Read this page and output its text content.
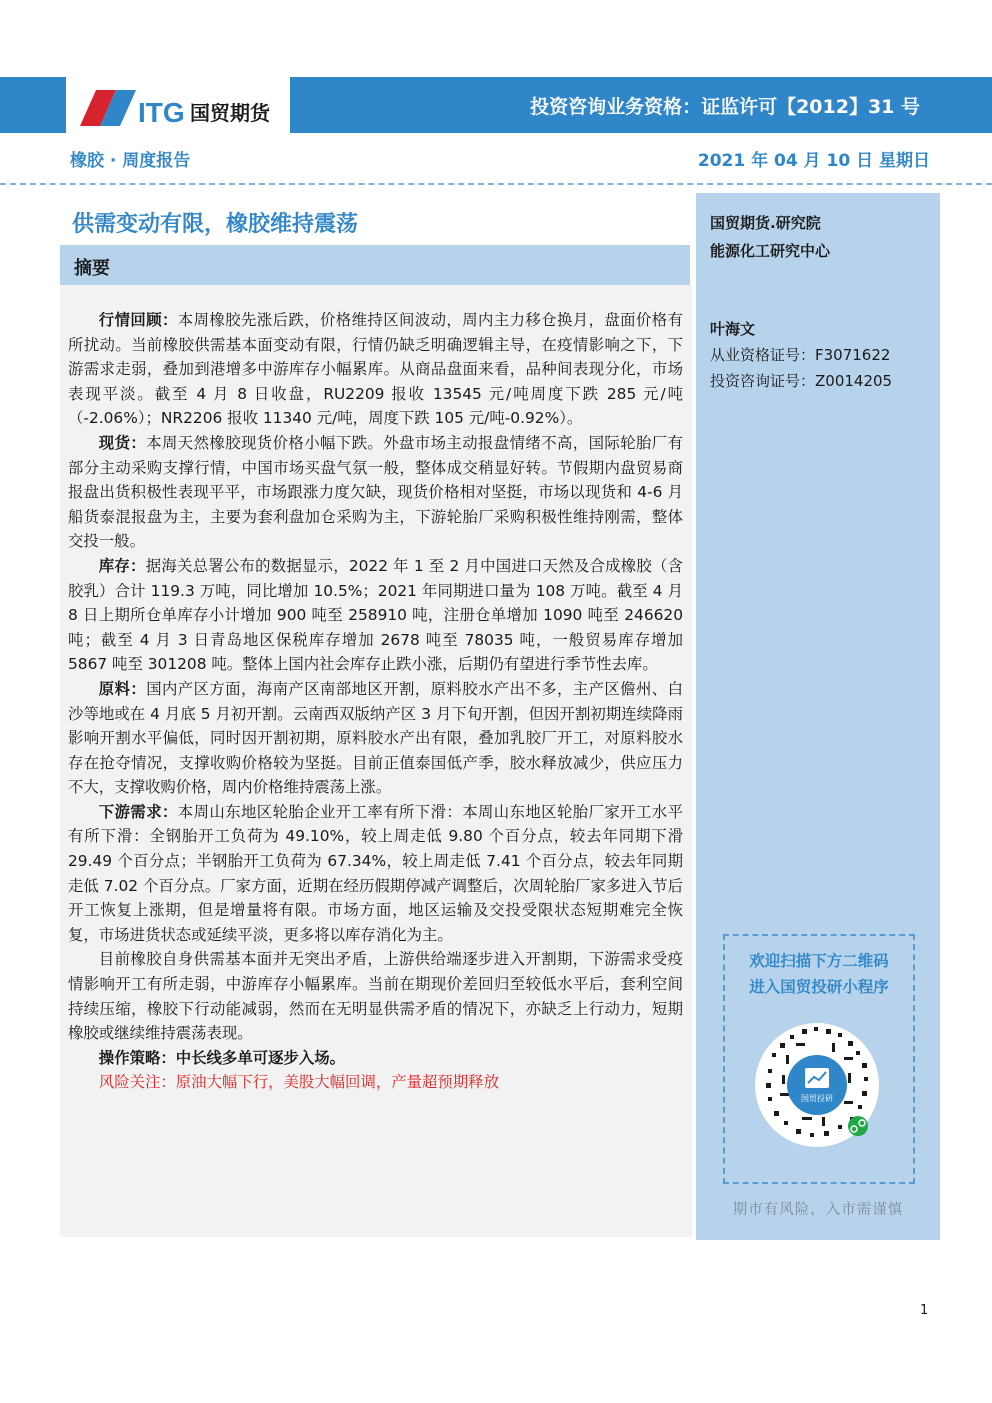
ITG 国贸期货	投资咨询业务资格：证监许可【2012】31 号
橡胶 · 周度报告	2021 年 04 月 10 日 星期日
供需变动有限，橡胶维持震荡
摘要

行情回顾：本周橡胶先涨后跌，价格维持区间波动，周内主力移仓换月，盘面价格有所扰动。当前橡胶供需基本面变动有限，行情仍缺乏明确逻辑主导，在疫情影响之下，下游需求走弱，叠加到港增多中游库存小幅累库。从商品盘面来看，品种间表现分化，市场表现平淡。截至 4 月 8 日收盘，RU2209 报收 13545 元/吨周度下跌 285 元/吨（-2.06%）；NR2206 报收 11340 元/吨，周度下跌 105 元/吨-0.92%）。

现货：本周天然橡胶现货价格小幅下跌。外盘市场主动报盘情绪不高，国际轮胎厂有部分主动采购支撑行情，中国市场买盘气氛一般，整体成交稍显好转。节假期内盘贸易商报盘出货积极性表现平平，市场跟涨力度欠缺，现货价格相对坚挺，市场以现货和 4-6 月船货泰混报盘为主，主要为套利盘加仓采购为主，下游轮胎厂采购积极性维持刚需，整体交投一般。

库存：据海关总署公布的数据显示，2022 年 1 至 2 月中国进口天然及合成橡胶（含胶乳）合计 119.3 万吨，同比增加 10.5%；2021 年同期进口量为 108 万吨。截至 4 月 8 日上期所仓单库存小计增加 900 吨至 258910 吨，注册仓单增加 1090 吨至 246620 吨；截至 4 月 3 日青岛地区保税库存增加 2678 吨至 78035 吨，一般贸易库存增加 5867 吨至 301208 吨。整体上国内社会库存止跌小涨，后期仍有望进行季节性去库。

原料：国内产区方面，海南产区南部地区开割，原料胶水产出不多，主产区儋州、白沙等地或在 4 月底 5 月初开割。云南西双版纳产区 3 月下旬开割，但因开割初期连续降雨影响开割水平偏低，同时因开割初期，原料胶水产出有限，叠加乳胶厂开工，对原料胶水存在抢夺情况，支撑收购价格较为坚挺。目前正值泰国低产季，胶水释放减少，供应压力不大，支撑收购价格，周内价格维持震荡上涨。

下游需求：本周山东地区轮胎企业开工率有所下滑：本周山东地区轮胎厂家开工水平有所下滑：全钢胎开工负荷为 49.10%，较上周走低 9.80 个百分点，较去年同期下滑 29.49 个百分点；半钢胎开工负荷为 67.34%，较上周走低 7.41 个百分点，较去年同期走低 7.02 个百分点。厂家方面，近期在经历假期停减产调整后，次周轮胎厂家多进入节后开工恢复上涨期，但是增量将有限。市场方面，地区运输及交投受限状态短期难完全恢复，市场进货状态或延续平淡，更多将以库存消化为主。

目前橡胶自身供需基本面并无突出矛盾，上游供给端逐步进入开割期，下游需求受疫情影响开工有所走弱，中游库存小幅累库。当前在期现价差回归至较低水平后，套利空间持续压缩，橡胶下行动能减弱，然而在无明显供需矛盾的情况下，亦缺乏上行动力，短期橡胶或继续维持震荡表现。

操作策略：中长线多单可逐步入场。

风险关注：原油大幅下行，美股大幅回调，产量超预期释放

国贸期货.研究院
能源化工研究中心
叶海文
从业资格证号：F3071622
投资咨询证号：Z0014205
欢迎扫描下方二维码
进入国贸投研小程序
国贸投研
期市有风险，入市需谨慎
1
